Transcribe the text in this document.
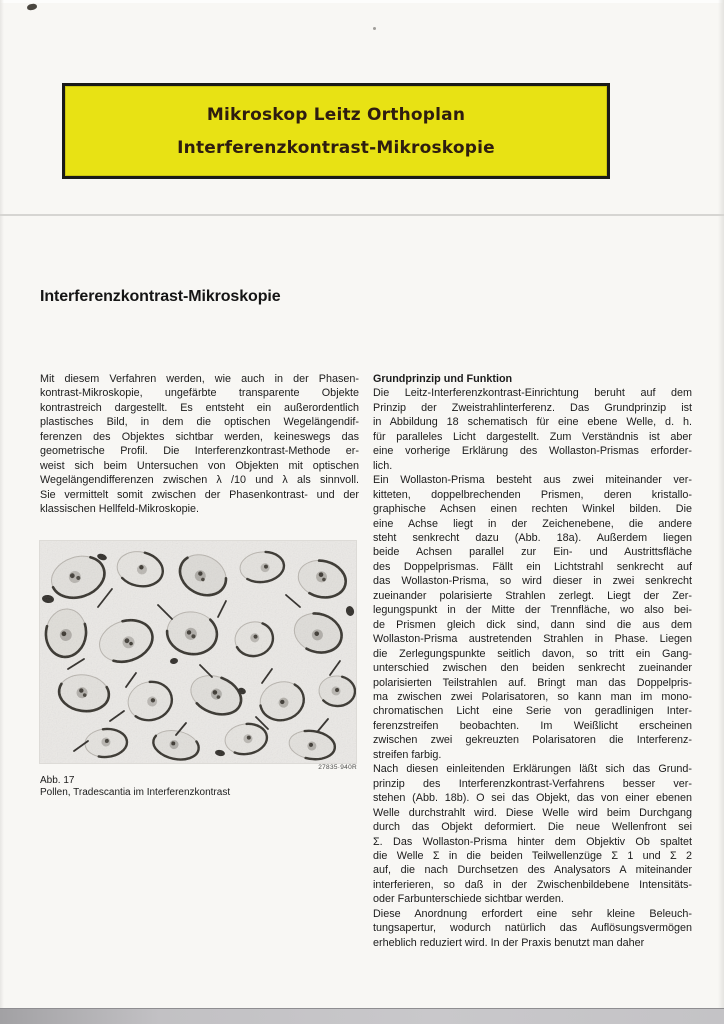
Mikroskop Leitz Orthoplan
Interferenzkontrast-Mikroskopie
Interferenzkontrast-Mikroskopie
Mit diesem Verfahren werden, wie auch in der Phasen-
kontrast-Mikroskopie, ungefärbte transparente Objekte
kontrastreich dargestellt. Es entsteht ein außerordentlich
plastisches Bild, in dem die optischen Wegelängendif-
ferenzen des Objektes sichtbar werden, keineswegs das
geometrische Profil. Die Interferenzkontrast-Methode er-
weist sich beim Untersuchen von Objekten mit optischen
Wegelängendifferenzen zwischen λ /10 und λ als sinnvoll.
Sie vermittelt somit zwischen der Phasenkontrast- und der
klassischen Hellfeld-Mikroskopie.
27835·940R
Abb. 17
Pollen, Tradescantia im Interferenzkontrast
Grundprinzip und Funktion
Die Leitz-Interferenzkontrast-Einrichtung beruht auf dem
Prinzip der Zweistrahlinterferenz. Das Grundprinzip ist
in Abbildung 18 schematisch für eine ebene Welle, d. h.
für paralleles Licht dargestellt. Zum Verständnis ist aber
eine vorherige Erklärung des Wollaston-Prismas erforder-
lich.
Ein Wollaston-Prisma besteht aus zwei miteinander ver-
kitteten, doppelbrechenden Prismen, deren kristallo-
graphische Achsen einen rechten Winkel bilden. Die
eine Achse liegt in der Zeichenebene, die andere
steht senkrecht dazu (Abb. 18a). Außerdem liegen
beide Achsen parallel zur Ein- und Austrittsfläche
des Doppelprismas. Fällt ein Lichtstrahl senkrecht auf
das Wollaston-Prisma, so wird dieser in zwei senkrecht
zueinander polarisierte Strahlen zerlegt. Liegt der Zer-
legungspunkt in der Mitte der Trennfläche, wo also bei-
de Prismen gleich dick sind, dann sind die aus dem
Wollaston-Prisma austretenden Strahlen in Phase. Liegen
die Zerlegungspunkte seitlich davon, so tritt ein Gang-
unterschied zwischen den beiden senkrecht zueinander
polarisierten Teilstrahlen auf. Bringt man das Doppelpris-
ma zwischen zwei Polarisatoren, so kann man im mono-
chromatischen Licht eine Serie von geradlinigen Inter-
ferenzstreifen beobachten. Im Weißlicht erscheinen
zwischen zwei gekreuzten Polarisatoren die Interferenz-
streifen farbig.
Nach diesen einleitenden Erklärungen läßt sich das Grund-
prinzip des Interferenzkontrast-Verfahrens besser ver-
stehen (Abb. 18b). O sei das Objekt, das von einer ebenen
Welle durchstrahlt wird. Diese Welle wird beim Durchgang
durch das Objekt deformiert. Die neue Wellenfront sei
Σ. Das Wollaston-Prisma hinter dem Objektiv Ob spaltet
die Welle Σ in die beiden Teilwellenzüge Σ 1 und Σ 2
auf, die nach Durchsetzen des Analysators A miteinander
interferieren, so daß in der Zwischenbildebene Intensitäts-
oder Farbunterschiede sichtbar werden.
Diese Anordnung erfordert eine sehr kleine Beleuch-
tungsapertur, wodurch natürlich das Auflösungsvermögen
erheblich reduziert wird. In der Praxis benutzt man daher
